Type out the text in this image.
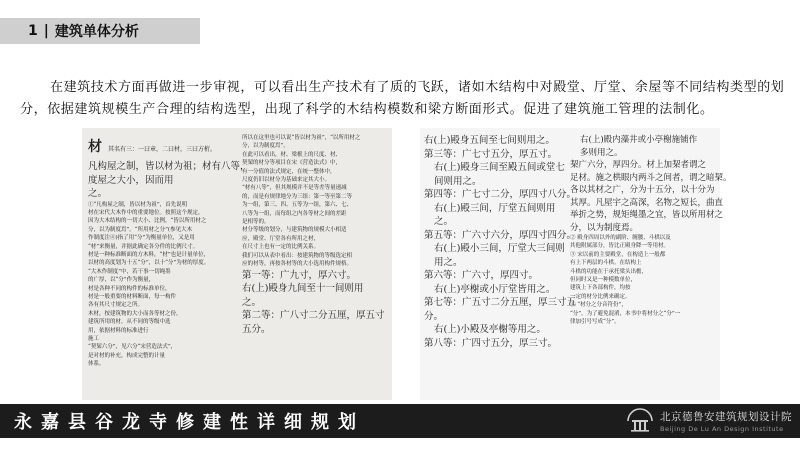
1 | 建筑单体分析

在建筑技术方面再做进一步审视，可以看出生产技术有了质的飞跃，诸如木结构中对殿堂、厅堂、余屋等不同结构类型的划分，依据建筑规模生产合理的结构选型，出现了科学的木结构模数和梁方断面形式。促进了建筑施工管理的法制化。

材 其名有三：一曰章，二曰材，三曰方桁。

凡构屋之制，皆以材为祖；材有八等，

度屋之大小，因而用

之。

①“凡构屋之制，皆以材为祖”，首先说明

材在宋代大木作中的重要地位。按照这个规定，

因为大木结构的一切大小、比例，“皆以所用材之

分，以为制度焉”。“所用材之分”(参见大木

作制度注④)指了用“分”为衡量单位，又是用

“材”来衡量，并据此确定各分件的比例尺寸。

材是一种标准断面的方木料，“材”也是计量单位，

以材的高度划为十五“分”，以十“分”为材的厚度。

“大木作制度”中，若干事一切绳墨

的广厚，以“分”作为衡量，

材是各种不同的构件的标准单位，

材是一般重要的材料断面，每一构件

各有其尺寸规定之所。

木材，按建筑物的大小而各等材之份，

建筑所用的材，从不同的等级中选

用，依据材料的标准进行

施工

“契栔六分”，见六分“宋营造法式”，

是对材的补充，构成完整的计量

体系。

所以在这里也可以说“皆以材为祖”，“以所用材之

分，以为制度焉”。

在此可以看出，材、梁栿上的尺度、材、

契栔的材分等项目在宋《营造法式》中，

有一分值的法式规定，在统一整体中，

尺度仍旧以材分为基础来定其大小。

“材有八等”，但其规模并不是等差等量递减

的，而是有规律地分为三组：第一等至第二等

为一组，第三、四、五等为一组，第六、七、

八等为一组，而每组之内各等材之间的差距

是相等的。

材分等级的划分，与建筑物的规模大小相适

应，殿堂、厅堂各有所用之材，

在尺寸上也有一定的比例关系。

我们可以从表中看出：按建筑物的等级选定相

应的材等，再按各材等的大小选用构件规格。

第一等：广九寸，厚六寸。

右(上)殿身九间至十一间则用

之。

第二等：广八寸二分五厘，厚五寸

五分。

右(上)殿身五间至七间则用之。

第三等：广七寸五分，厚五寸。

右(上)殿身三间至殿五间或堂七

间则用之。

第四等：广七寸二分，厚四寸八分。

右(上)殿三间，厅堂五间则用

之。

第五等：广六寸六分，厚四寸四分。

右(上)殿小三间，厅堂大三间则

用之。

第六等：广六寸，厚四寸。

右(上)亭榭或小厅堂皆用之。

第七等：广五寸二分五厘，厚三寸五

分。

右(上)小殿及亭榭等用之。

第八等：广四寸五分，厚三寸。

右(上)殿内藻井或小亭榭施铺作

多则用之。

栔广六分，厚四分。材上加栔者谓之

足材。施之栱眼内两斗之间者，谓之暗栔。

各以其材之广，分为十五分，以十分为

其厚。凡屋宇之高深，名物之短长，曲直

举折之势，规矩绳墨之宜，皆以所用材之

分，以为制度焉。

② 殿身四周以外的副阶、缠腰、斗栱以及

其他附属部分，皆比正殿身降一等用材。

③ 宋以前的主要殿堂，在构造上一般都

有上下两层的斗栱。在结构上

斗栱的功能在于承托梁头出檐，

但同时又是一种模数单位，

建筑上下各部构件，均按

一定的材分比例来确定。

④ “材分之分音符份”，

“分”，为了避免混淆，本书中将材分之“分”一

律加引号写成“分”。

永嘉县谷龙寺修建性详细规划	北京德鲁安建筑规划设计院
Beijing De Lu An Design Institute
